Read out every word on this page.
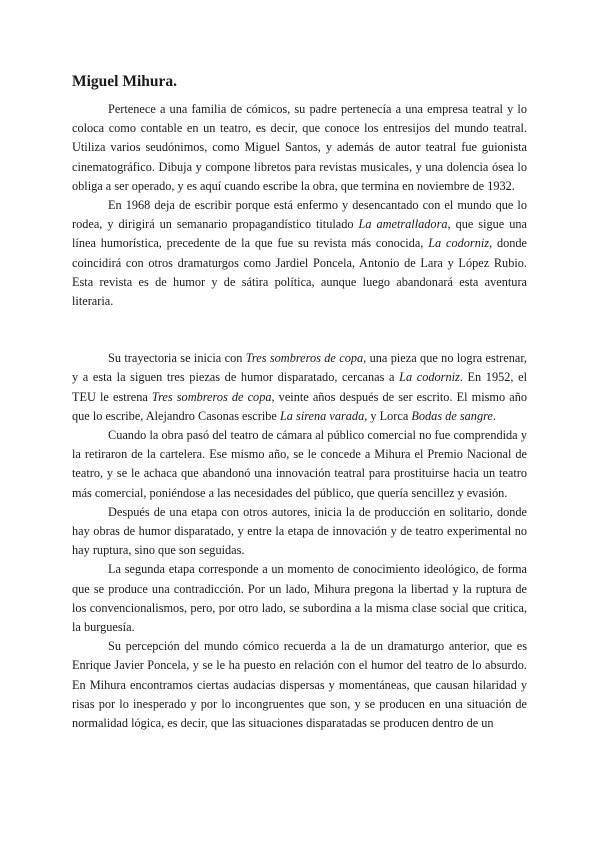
Miguel Mihura.

Pertenece a una familia de cómicos, su padre pertenecía a una empresa teatral y lo coloca como contable en un teatro, es decir, que conoce los entresijos del mundo teatral. Utiliza varios seudónimos, como Miguel Santos, y además de autor teatral fue guionista cinematográfico. Dibuja y compone libretos para revistas musicales, y una dolencia ósea lo obliga a ser operado, y es aquí cuando escribe la obra, que termina en noviembre de 1932.

En 1968 deja de escribir porque está enfermo y desencantado con el mundo que lo rodea, y dirigirá un semanario propagandístico titulado La ametralladora, que sigue una línea humorística, precedente de la que fue su revista más conocida, La codorniz, donde coincidirá con otros dramaturgos como Jardiel Poncela, Antonio de Lara y López Rubio. Esta revista es de humor y de sátira política, aunque luego abandonará esta aventura literaria.

Su trayectoria se inicia con Tres sombreros de copa, una pieza que no logra estrenar, y a esta la siguen tres piezas de humor disparatado, cercanas a La codorniz. En 1952, el TEU le estrena Tres sombreros de copa, veinte años después de ser escrito. El mismo año que lo escribe, Alejandro Casonas escribe La sirena varada, y Lorca Bodas de sangre.

Cuando la obra pasó del teatro de cámara al público comercial no fue comprendida y la retiraron de la cartelera. Ese mismo año, se le concede a Mihura el Premio Nacional de teatro, y se le achaca que abandonó una innovación teatral para prostituirse hacia un teatro más comercial, poniéndose a las necesidades del público, que quería sencillez y evasión.

Después de una etapa con otros autores, inicia la de producción en solitario, donde hay obras de humor disparatado, y entre la etapa de innovación y de teatro experimental no hay ruptura, sino que son seguidas.

La segunda etapa corresponde a un momento de conocimiento ideológico, de forma que se produce una contradicción. Por un lado, Mihura pregona la libertad y la ruptura de los convencionalismos, pero, por otro lado, se subordina a la misma clase social que critica, la burguesía.

Su percepción del mundo cómico recuerda a la de un dramaturgo anterior, que es Enrique Javier Poncela, y se le ha puesto en relación con el humor del teatro de lo absurdo. En Mihura encontramos ciertas audacias dispersas y momentáneas, que causan hilaridad y risas por lo inesperado y por lo incongruentes que son, y se producen en una situación de normalidad lógica, es decir, que las situaciones disparatadas se producen dentro de un
